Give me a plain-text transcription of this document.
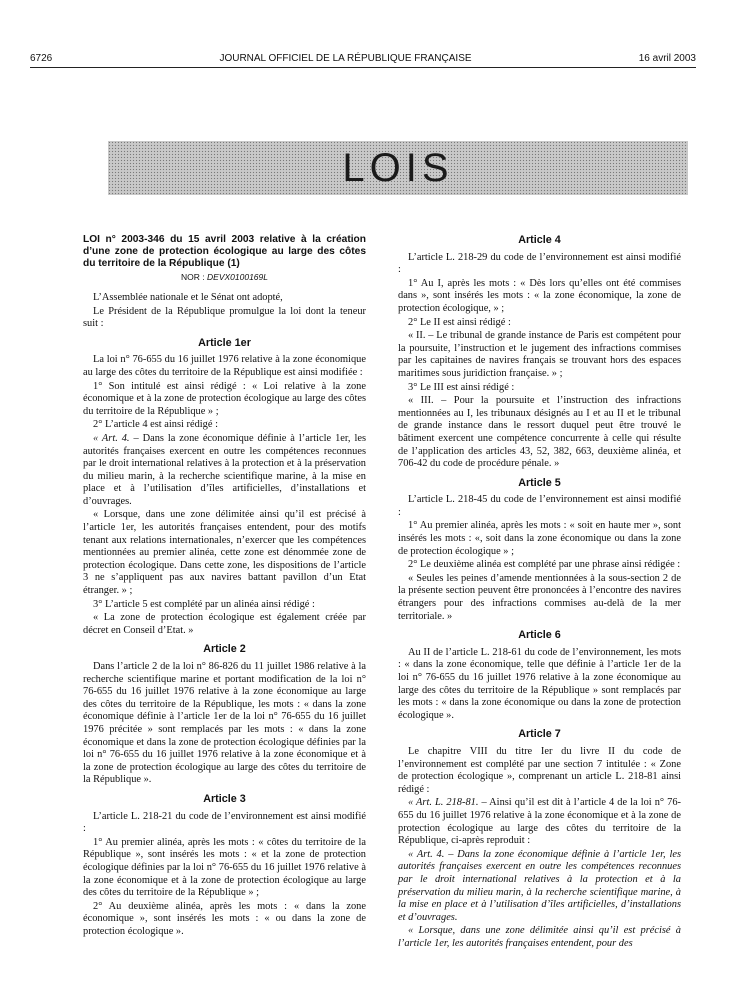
6726	JOURNAL OFFICIEL DE LA RÉPUBLIQUE FRANÇAISE	16 avril 2003
LOIS

LOI n° 2003-346 du 15 avril 2003 relative à la création d’une zone de protection écologique au large des côtes du territoire de la République (1)

NOR : DEVX0100169L

L’Assemblée nationale et le Sénat ont adopté,

Le Président de la République promulgue la loi dont la teneur suit :

Article 1er

La loi n° 76-655 du 16 juillet 1976 relative à la zone économique au large des côtes du territoire de la République est ainsi modifiée :

1° Son intitulé est ainsi rédigé : « Loi relative à la zone économique et à la zone de protection écologique au large des côtes du territoire de la République » ;

2° L’article 4 est ainsi rédigé :

« Art. 4. – Dans la zone économique définie à l’article 1er, les autorités françaises exercent en outre les compétences reconnues par le droit international relatives à la protection et à la préservation du milieu marin, à la recherche scientifique marine, à la mise en place et à l’utilisation d’îles artificielles, d’installations et d’ouvrages.

« Lorsque, dans une zone délimitée ainsi qu’il est précisé à l’article 1er, les autorités françaises entendent, pour des motifs tenant aux relations internationales, n’exercer que les compétences mentionnées au premier alinéa, cette zone est dénommée zone de protection écologique. Dans cette zone, les dispositions de l’article 3 ne s’appliquent pas aux navires battant pavillon d’un Etat étranger. » ;

3° L’article 5 est complété par un alinéa ainsi rédigé :

« La zone de protection écologique est également créée par décret en Conseil d’Etat. »

Article 2

Dans l’article 2 de la loi n° 86-826 du 11 juillet 1986 relative à la recherche scientifique marine et portant modification de la loi n° 76-655 du 16 juillet 1976 relative à la zone économique au large des côtes du territoire de la République, les mots : « dans la zone économique définie à l’article 1er de la loi n° 76-655 du 16 juillet 1976 précitée » sont remplacés par les mots : « dans la zone économique et dans la zone de protection écologique définies par la loi n° 76-655 du 16 juillet 1976 relative à la zone économique et à la zone de protection écologique au large des côtes du territoire de la République ».

Article 3

L’article L. 218-21 du code de l’environnement est ainsi modifié :

1° Au premier alinéa, après les mots : « côtes du territoire de la République », sont insérés les mots : « et la zone de protection écologique définies par la loi n° 76-655 du 16 juillet 1976 relative à la zone économique et à la zone de protection écologique au large des côtes du territoire de la République » ;

2° Au deuxième alinéa, après les mots : « dans la zone économique », sont insérés les mots : « ou dans la zone de protection écologique ».

Article 4

L’article L. 218-29 du code de l’environnement est ainsi modifié :

1° Au I, après les mots : « Dès lors qu’elles ont été commises dans », sont insérés les mots : « la zone économique, la zone de protection écologique, » ;

2° Le II est ainsi rédigé :

« II. – Le tribunal de grande instance de Paris est compétent pour la poursuite, l’instruction et le jugement des infractions commises par les capitaines de navires français se trouvant hors des espaces maritimes sous juridiction française. » ;

3° Le III est ainsi rédigé :

« III. – Pour la poursuite et l’instruction des infractions mentionnées au I, les tribunaux désignés au I et au II et le tribunal de grande instance dans le ressort duquel peut être trouvé le bâtiment exercent une compétence concurrente à celle qui résulte de l’application des articles 43, 52, 382, 663, deuxième alinéa, et 706-42 du code de procédure pénale. »

Article 5

L’article L. 218-45 du code de l’environnement est ainsi modifié :

1° Au premier alinéa, après les mots : « soit en haute mer », sont insérés les mots : «, soit dans la zone économique ou dans la zone de protection écologique » ;

2° Le deuxième alinéa est complété par une phrase ainsi rédigée :

« Seules les peines d’amende mentionnées à la sous-section 2 de la présente section peuvent être prononcées à l’encontre des navires étrangers pour des infractions commises au-delà de la mer territoriale. »

Article 6

Au II de l’article L. 218-61 du code de l’environnement, les mots : « dans la zone économique, telle que définie à l’article 1er de la loi n° 76-655 du 16 juillet 1976 relative à la zone économique au large des côtes du territoire de la République » sont remplacés par les mots : « dans la zone économique ou dans la zone de protection écologique ».

Article 7

Le chapitre VIII du titre Ier du livre II du code de l’environnement est complété par une section 7 intitulée : « Zone de protection écologique », comprenant un article L. 218-81 ainsi rédigé :

« Art. L. 218-81. – Ainsi qu’il est dit à l’article 4 de la loi n° 76-655 du 16 juillet 1976 relative à la zone économique et à la zone de protection écologique au large des côtes du territoire de la République, ci-après reproduit :

« Art. 4. – Dans la zone économique définie à l’article 1er, les autorités françaises exercent en outre les compétences reconnues par le droit international relatives à la protection et à la préservation du milieu marin, à la recherche scientifique marine, à la mise en place et à l’utilisation d’îles artificielles, d’installations et d’ouvrages.

« Lorsque, dans une zone délimitée ainsi qu’il est précisé à l’article 1er, les autorités françaises entendent, pour des
